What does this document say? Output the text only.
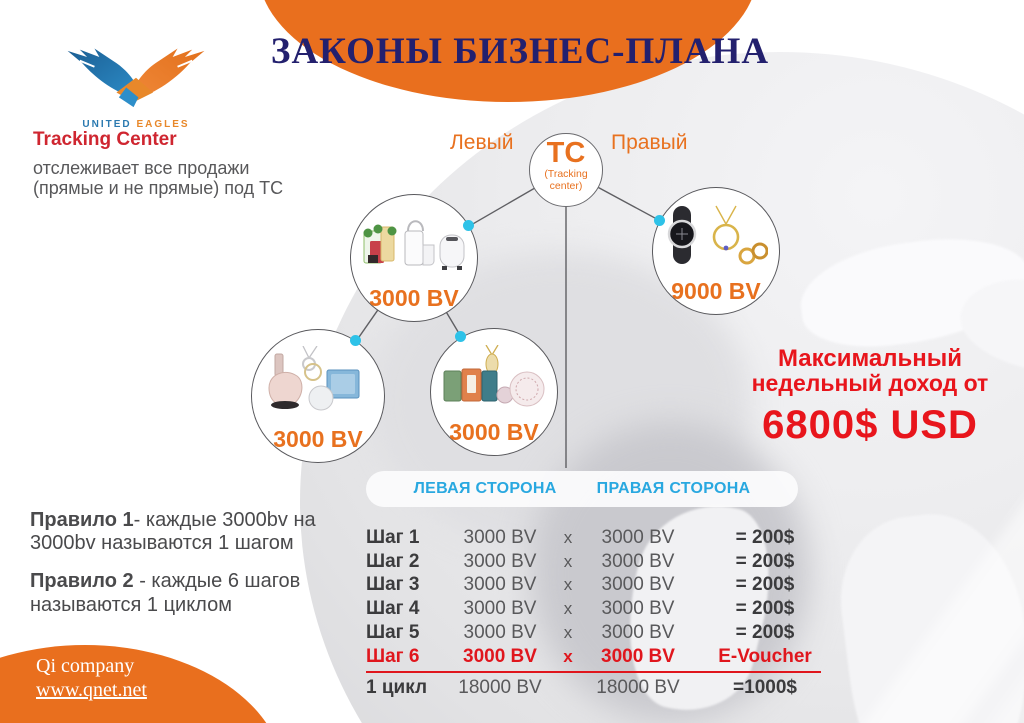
ЗАКОНЫ БИЗНЕС-ПЛАНА
UNITED EAGLES
Tracking Center

отслеживает все продажи

(прямые и не прямые) под ТС

Левый	Правый
ТС
(Tracking
center)
3000 BV	9000 BV
3000 BV	3000 BV
Максимальный
недельный доход от
6800$ USD

Правило 1- каждые 3000bv на 3000bv называются 1 шагом

Правило 2 - каждые 6 шагов называются 1 циклом

ЛЕВАЯ СТОРОНА	ПРАВАЯ СТОРОНА
Шаг 1	3000 BV	x	3000 BV	= 200$
Шаг 2	3000 BV	x	3000 BV	= 200$
Шаг 3	3000 BV	x	3000 BV	= 200$
Шаг 4	3000 BV	x	3000 BV	= 200$
Шаг 5	3000 BV	x	3000 BV	= 200$
Шаг 6	3000 BV	x	3000 BV	E-Voucher
1 цикл	18000 BV	18000 BV	=1000$
Qi company
www.qnet.net
